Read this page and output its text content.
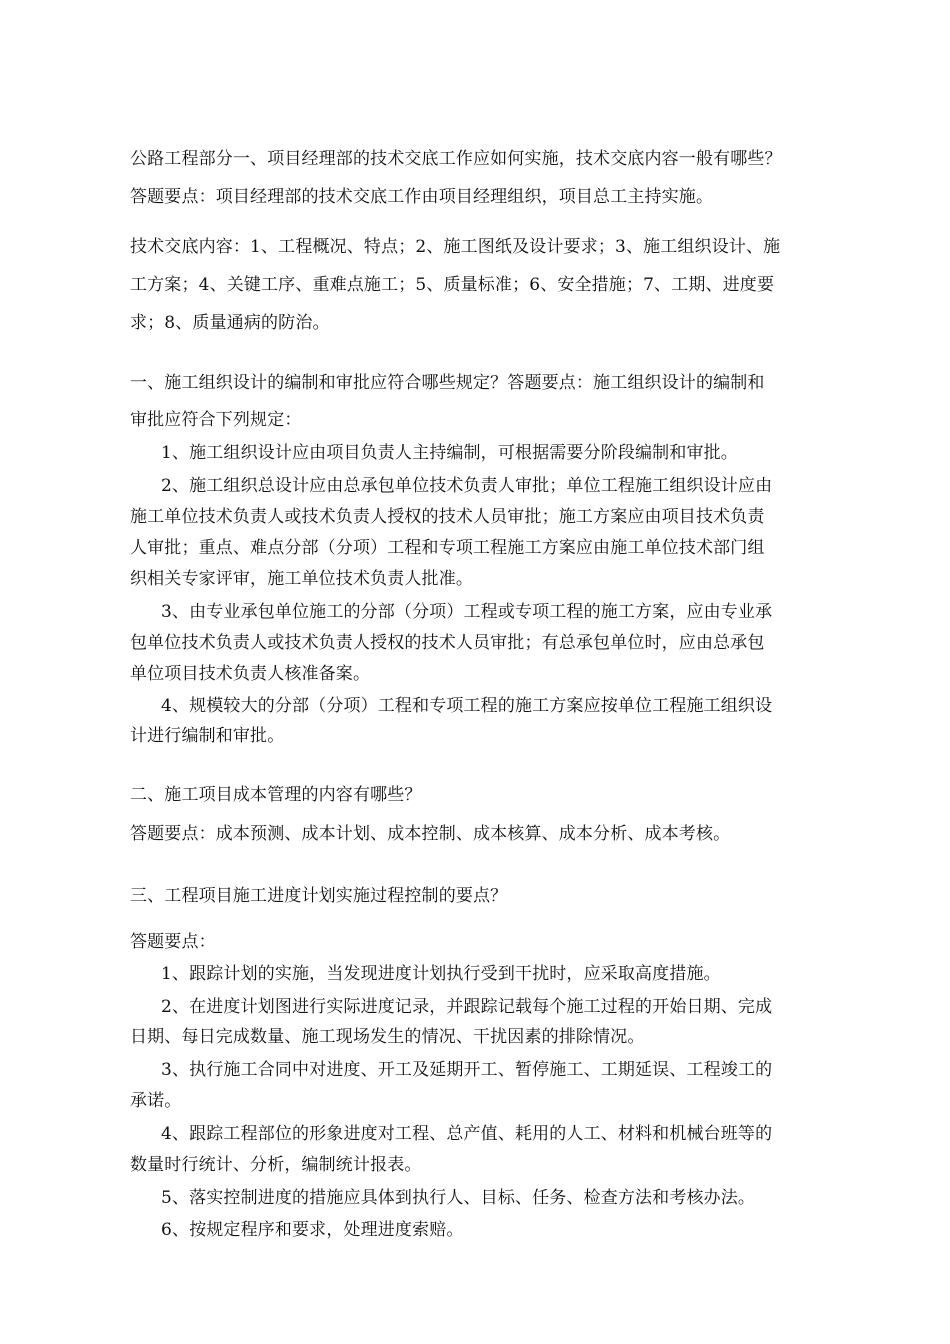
公路工程部分一、项目经理部的技术交底工作应如何实施，技术交底内容一般有哪些？
答题要点：项目经理部的技术交底工作由项目经理组织，项目总工主持实施。
技术交底内容：1、工程概况、特点；2、施工图纸及设计要求；3、施工组织设计、施
工方案；4、关键工序、重难点施工；5、质量标准；6、安全措施；7、工期、进度要
求；8、质量通病的防治。
一、施工组织设计的编制和审批应符合哪些规定？答题要点：施工组织设计的编制和
审批应符合下列规定：
1、施工组织设计应由项目负责人主持编制，可根据需要分阶段编制和审批。
2、施工组织总设计应由总承包单位技术负责人审批；单位工程施工组织设计应由
施工单位技术负责人或技术负责人授权的技术人员审批；施工方案应由项目技术负责
人审批；重点、难点分部（分项）工程和专项工程施工方案应由施工单位技术部门组
织相关专家评审，施工单位技术负责人批准。
3、由专业承包单位施工的分部（分项）工程或专项工程的施工方案，应由专业承
包单位技术负责人或技术负责人授权的技术人员审批；有总承包单位时，应由总承包
单位项目技术负责人核准备案。
4、规模较大的分部（分项）工程和专项工程的施工方案应按单位工程施工组织设
计进行编制和审批。
二、施工项目成本管理的内容有哪些？
答题要点：成本预测、成本计划、成本控制、成本核算、成本分析、成本考核。
三、工程项目施工进度计划实施过程控制的要点？
答题要点：
1、跟踪计划的实施，当发现进度计划执行受到干扰时，应采取高度措施。
2、在进度计划图进行实际进度记录，并跟踪记载每个施工过程的开始日期、完成
日期、每日完成数量、施工现场发生的情况、干扰因素的排除情况。
3、执行施工合同中对进度、开工及延期开工、暂停施工、工期延误、工程竣工的
承诺。
4、跟踪工程部位的形象进度对工程、总产值、耗用的人工、材料和机械台班等的
数量时行统计、分析，编制统计报表。
5、落实控制进度的措施应具体到执行人、目标、任务、检查方法和考核办法。
6、按规定程序和要求，处理进度索赔。
